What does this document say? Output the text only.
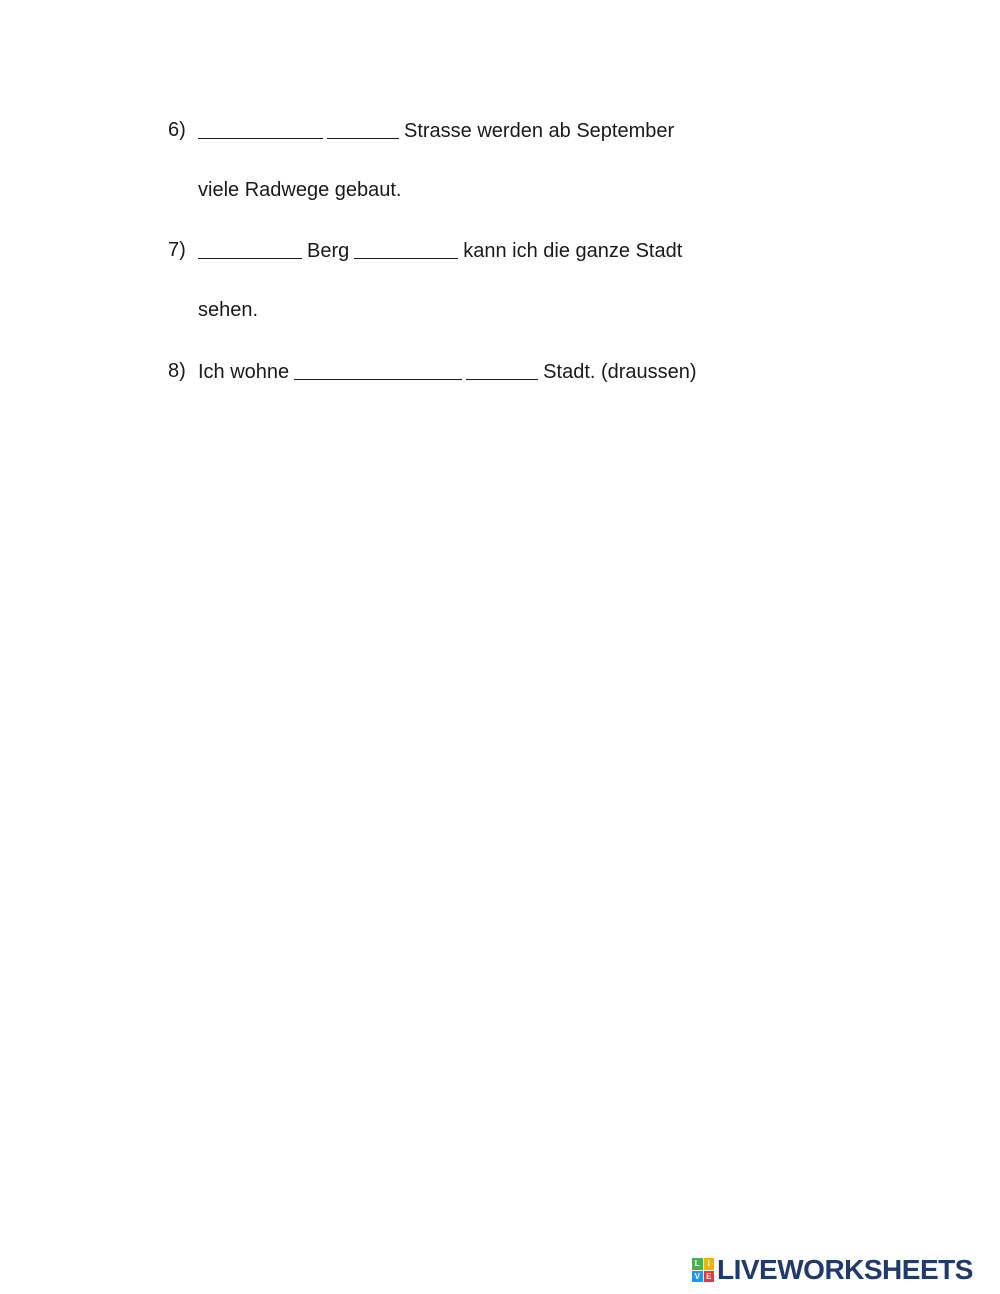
6)	Strasse werden ab September
viele Radwege gebaut.
7)	Berg	kann ich die ganze Stadt
sehen.
8) Ich wohne	Stadt. (draussen)
L I
V E LIVEWORKSHEETS
